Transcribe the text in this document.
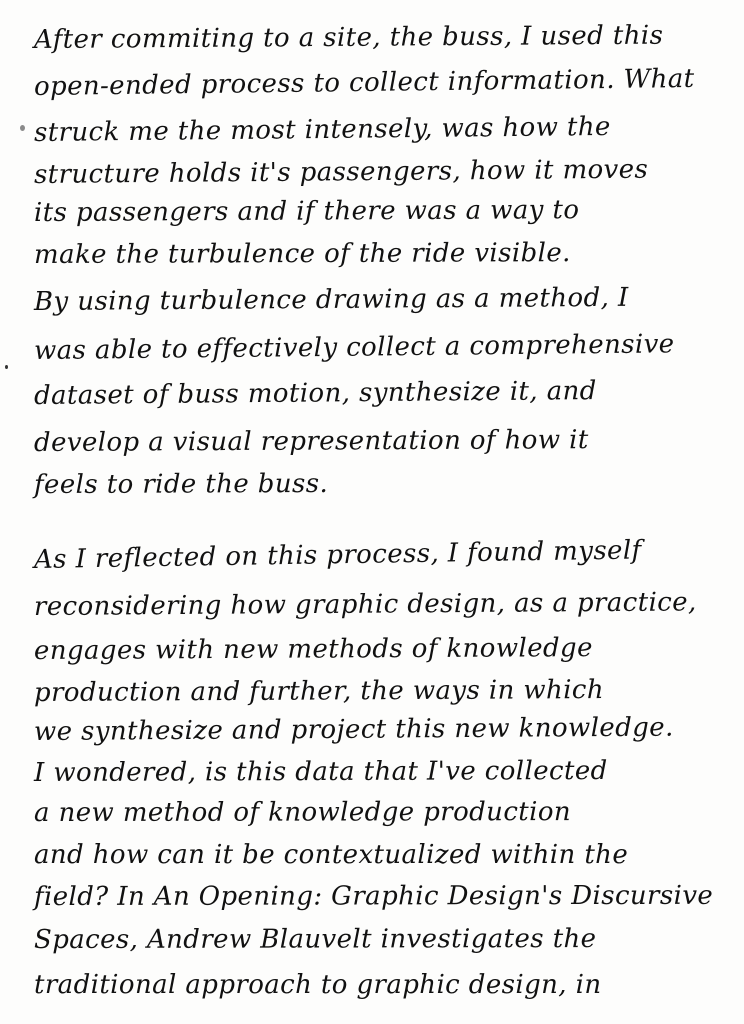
After commiting to a site, the buss, I used this
open-ended process to collect information. What
struck me the most intensely, was how the
structure holds it's passengers, how it moves
its passengers and if there was a way to
make the turbulence of the ride visible.
By using turbulence drawing as a method, I
was able to effectively collect a comprehensive
dataset of buss motion, synthesize it, and
develop a visual representation of how it
feels to ride the buss.
As I reflected on this process, I found myself
reconsidering how graphic design, as a practice,
engages with new methods of knowledge
production and further, the ways in which
we synthesize and project this new knowledge.
I wondered, is this data that I've collected
a new method of knowledge production
and how can it be contextualized within the
field? In An Opening: Graphic Design's Discursive
Spaces, Andrew Blauvelt investigates the
traditional approach to graphic design, in
